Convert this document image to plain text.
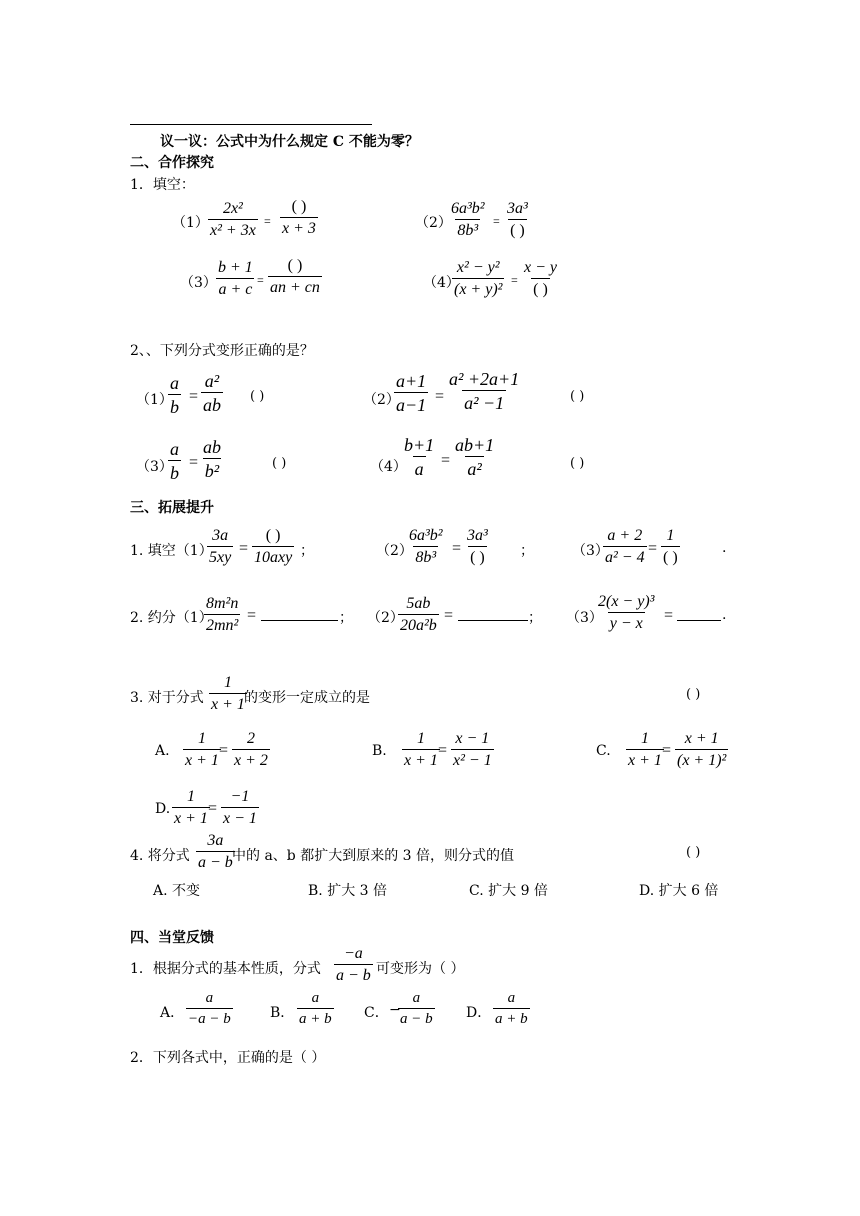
议一议：公式中为什么规定 C 不能为零？
二、合作探究
1．填空：
$(1) \frac{\text{2x²}}{\text{x² + 3x}}$ =
( )
x + 3	（2）
$\frac{\text{6a³b²}}{\text{8b³}}$ =
3a³
( )
$(3) \frac{b + 1}{a + c}$ =
( )
an + cn	（4）
$\frac{\text{x² − y²}}{\text{(x + y)²}}$ =
x − y
( )
2、、下列分式变形正确的是？
（1）
$\frac{a}{b} = \frac{\text{a²}}{ab}$ ( )	（2）
$\frac{a+1}{a-1} = \frac{\text{a² +2a+1}}{\text{a² −1}}$	( )
（3）
$\frac{a}{b} = \frac{ab}{\text{b²}}$	( )	（4）
$\frac{b+1}{a} = \frac{ab+1}{\text{a²}}$	( )
三、拓展提升
1. 填空（1）
$\frac{3a}{5xy}$ =
( )
10axy ；	（2）
$\frac{\text{6a³b²}}{\text{8b³}}$ =
3a³
( )	；	（3）
$\frac{a + 2}{\text{a² − 4}}$ =
1
( )
.
2. 约分（1）
$\frac{\text{8m²n}}{\text{2mn²}}$ =	； （2）
$\frac{5ab}{\text{20a²b}}$ =	； （3）
$\frac{\text{2(x − y)³}}{y - x}$ =	.
3. 对于分式 $\frac{1}{x + 1}$
的变形一定成立的是	( )
A. $\frac{1}{x + 1}$
= $\frac{2}{x + 2}$	B. $\frac{1}{x + 1}$
= $\frac{x - 1}{\text{x² − 1}}$	C. $\frac{1}{x + 1}$
= $\frac{x + 1}{\text{(x + 1)²}}$
D. $\frac{1}{x + 1}$
= $\frac{-1}{x - 1}$
4. 将分式 $\frac{3a}{a - b}$
中的 a、b 都扩大到原来的 3 倍，则分式的值	( )
A. 不变	B. 扩大 3 倍	C. 扩大 9 倍	D. 扩大 6 倍
四、当堂反馈
1．根据分式的基本性质，分式 $\frac{-a}{a - b}$ 可变形为（ ）
A． $\frac{a}{-a - b}$	B． $\frac{a}{a + b}$ C． −
$\frac{a}{a - b}$ D． $\frac{a}{a + b}$
2．下列各式中，正确的是（ ）
